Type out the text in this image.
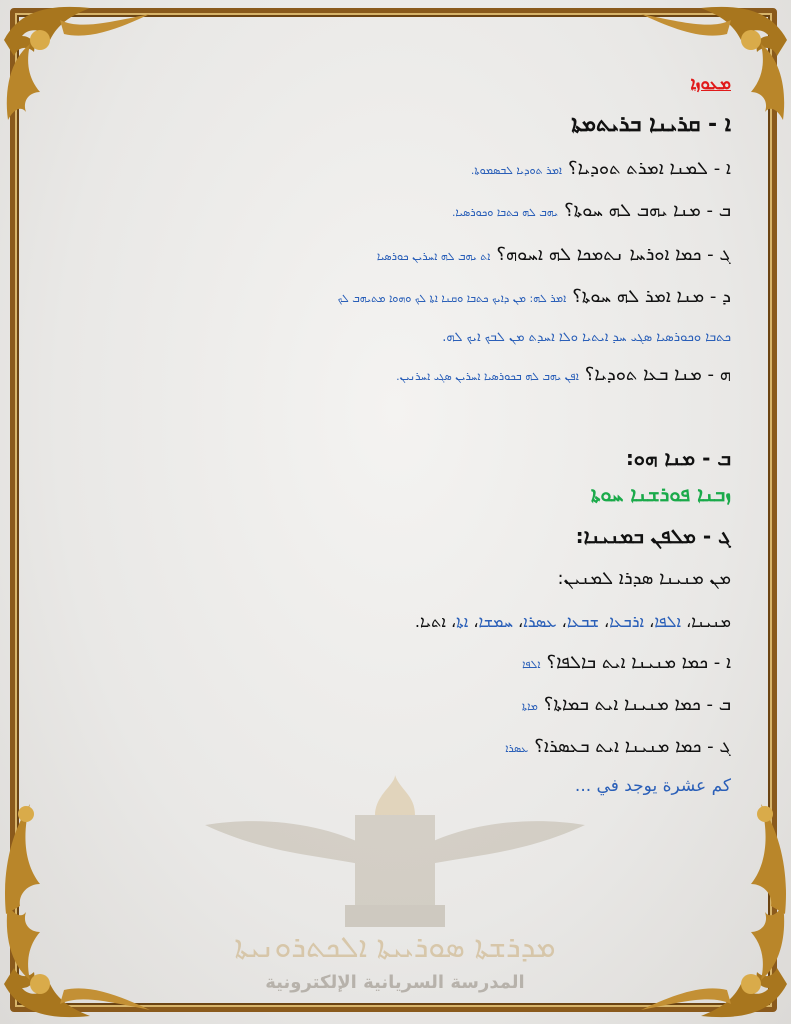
ܡܕܪܫܬܐ ܣܘܪܝܝܬܐ ܐܠܟܬܪܘܢܝܬܐ
المدرسة السريانية الإلكترونية
ܡܥܘܙܐ
ܐ - ܩܪܝܢܐ ܒܪܝܬܡܬܐ
ܐ - ܠܡܢܐ ܐܡܪܬ ܬܘܕܝܐ؟ܐܡܪ ܬܘܕܝܐ ܠܒܣܡܘܬܐ.
ܒ - ܡܢܐ ܝܗܒ ܠܗ ܚܘܬܐ؟ܝܗܒ ܠܗ ܟܬܒܐ ܘܟܘܪܣܝܐ.
ܓ - ܟܡܐ ܐܘܪܚܐ ܢܬܡܟܐ ܠܗ ܐܚܘܗ؟ܐܬ ܝܗܒ ܠܗ ܐܚܪܝܢ ܟܘܪܣܝܐ
ܕ - ܡܢܐ ܐܡܪ ܠܗ ܚܘܬܐ؟ܐܡܪ ܠܗ: ܡܢ ܕܐܝܟ ܟܬܒܐ ܘܩܢܐ ܐܬܐ ܠܟ ܘܗܘܐ ܡܬܝܗܒ ܠܟ
ܟܬܒܐ ܘܟܘܪܣܝܐ ܣܓܝ ܚܕ ܐܝܬܝܐ ܘܠܐ ܐܚܕܬ ܡܢ ܠܒܟ ܐܝܟ ܠܗ.
ܗ - ܡܢܐ ܒܥܐ ܬܘܕܝܐ؟ܐܦܢ ܝܗܒ ܠܗ ܒܟܘܪܣܝܐ ܐܚܪܝܢ ܣܓܝ ܐܚܪܢܝܢ.
ܒ - ܡܢܐ ܗܘ:
ܙܒܢܐ ܦܘܪܫܢܐ ܚܘܬܐ
ܓ - ܡܠܦܢ ܒܡܢܝܢܐ:
ܡܢ ܡܢܝܢܐ ܣܕܪܐ ܠܡܢܝܢ:
ܡܢܝܢܐ، ܐܠܦܐ، ܐܪܒܥܐ، ܫܒܥܐ، ܥܣܪܐ، ܚܡܫܐ، ܐܬܐ، ܐܬܝܐ.
ܐ - ܟܡܐ ܡܢܝܢܐ ܐܝܬ ܒܐܠܦܐ؟ܐܠܦܐ
ܒ - ܟܡܐ ܡܢܝܢܐ ܐܝܬ ܒܡܐܬܐ؟ܡܐܬܐ
ܓ - ܟܡܐ ܡܢܝܢܐ ܐܝܬ ܒܥܣܪܐ؟ܥܣܪܐ
كم عشرة يوجد في ...
